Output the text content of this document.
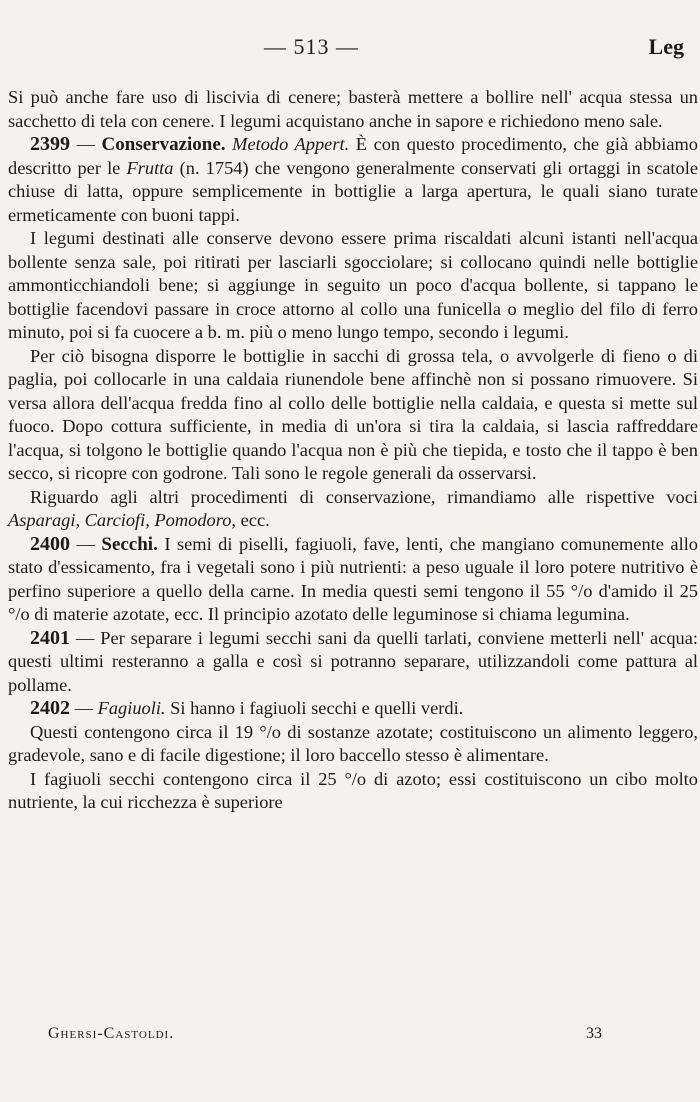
— 513 —	Leg

Si può anche fare uso di liscivia di cenere; basterà mettere a bollire nell' acqua stessa un sacchetto di tela con cenere. I legumi acquistano anche in sapore e richiedono meno sale.

2399 — Conservazione. Metodo Appert. È con questo procedimento, che già abbiamo descritto per le Frutta (n. 1754) che vengono generalmente conservati gli ortaggi in scatole chiuse di latta, oppure semplicemente in bottiglie a larga apertura, le quali siano turate ermeticamente con buoni tappi.

I legumi destinati alle conserve devono essere prima riscaldati alcuni istanti nell'acqua bollente senza sale, poi ritirati per lasciarli sgocciolare; si collocano quindi nelle bottiglie ammonticchiandoli bene; si aggiunge in seguito un poco d'acqua bollente, si tappano le bottiglie facendovi passare in croce attorno al collo una funicella o meglio del filo di ferro minuto, poi si fa cuocere a b. m. più o meno lungo tempo, secondo i legumi.

Per ciò bisogna disporre le bottiglie in sacchi di grossa tela, o avvolgerle di fieno o di paglia, poi collocarle in una caldaia riunendole bene affinchè non si possano rimuovere. Si versa allora dell'acqua fredda fino al collo delle bottiglie nella caldaia, e questa si mette sul fuoco. Dopo cottura sufficiente, in media di un'ora si tira la caldaia, si lascia raffreddare l'acqua, si tolgono le bottiglie quando l'acqua non è più che tiepida, e tosto che il tappo è ben secco, si ricopre con godrone. Tali sono le regole generali da osservarsi.

Riguardo agli altri procedimenti di conservazione, rimandiamo alle rispettive voci Asparagi, Carciofi, Pomodoro, ecc.

2400 — Secchi. I semi di piselli, fagiuoli, fave, lenti, che mangiano comunemente allo stato d'essicamento, fra i vegetali sono i più nutrienti: a peso uguale il loro potere nutritivo è perfino superiore a quello della carne. In media questi semi tengono il 55 °/o d'amido il 25 °/o di materie azotate, ecc. Il principio azotato delle leguminose si chiama legumina.

2401 — Per separare i legumi secchi sani da quelli tarlati, conviene metterli nell' acqua: questi ultimi resteranno a galla e così si potranno separare, utilizzandoli come pattura al pollame.

2402 — Fagiuoli. Si hanno i fagiuoli secchi e quelli verdi.

Questi contengono circa il 19 °/o di sostanze azotate; costituiscono un alimento leggero, gradevole, sano e di facile digestione; il loro baccello stesso è alimentare.

I fagiuoli secchi contengono circa il 25 °/o di azoto; essi costituiscono un cibo molto nutriente, la cui ricchezza è superiore

Ghersi-Castoldi.	33
